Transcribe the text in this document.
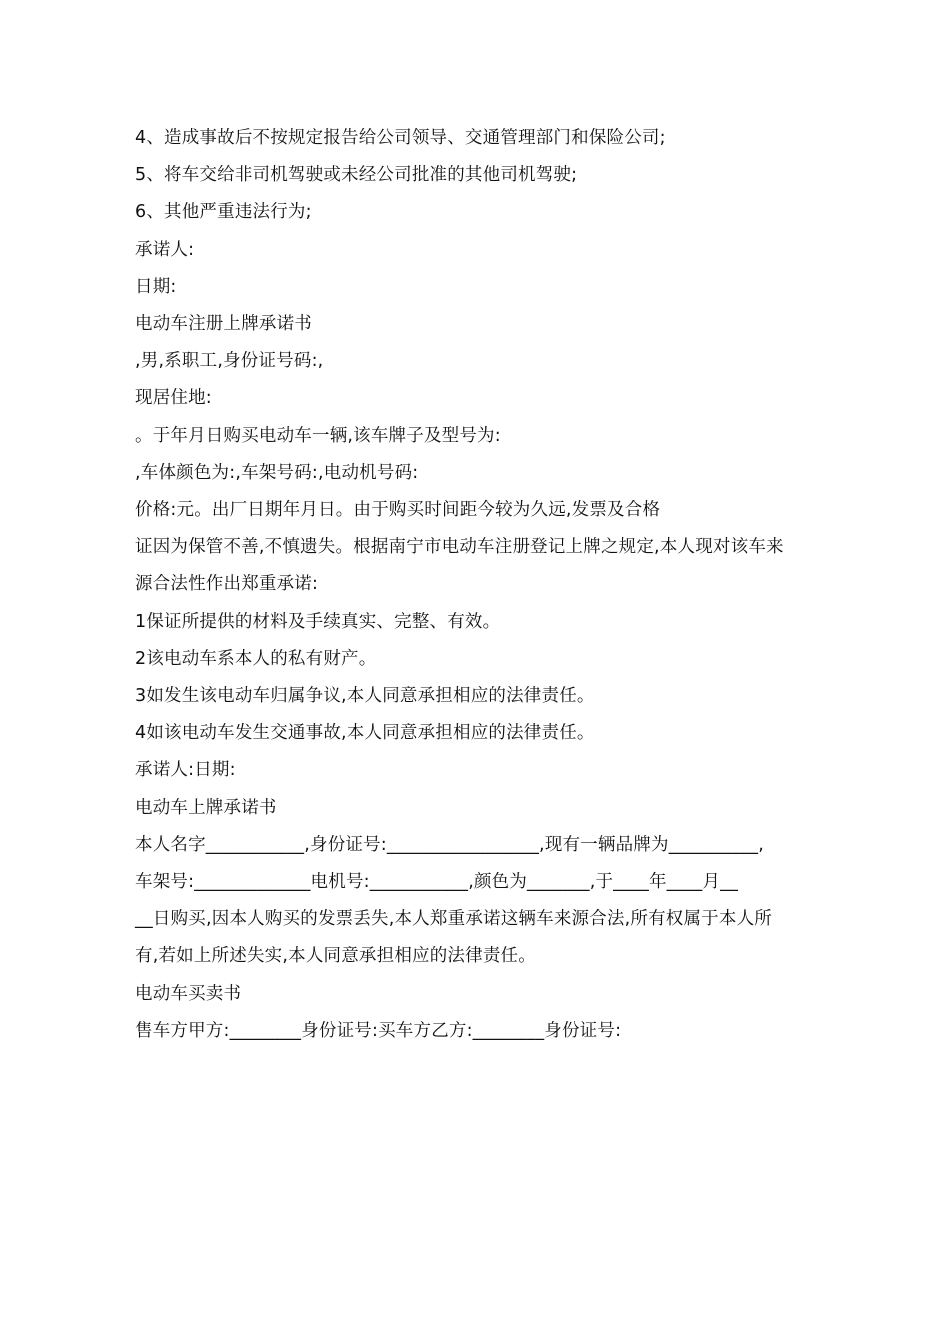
4、造成事故后不按规定报告给公司领导、交通管理部门和保险公司;

5、将车交给非司机驾驶或未经公司批准的其他司机驾驶;

6、其他严重违法行为;

承诺人:

日期:

电动车注册上牌承诺书

,男,系职工,身份证号码:,

现居住地:

。于年月日购买电动车一辆,该车牌子及型号为:

,车体颜色为:,车架号码:,电动机号码:

价格:元。出厂日期年月日。由于购买时间距今较为久远,发票及合格

证因为保管不善,不慎遗失。根据南宁市电动车注册登记上牌之规定,本人现对该车来

源合法性作出郑重承诺:

1保证所提供的材料及手续真实、完整、有效。

2该电动车系本人的私有财产。

3如发生该电动车归属争议,本人同意承担相应的法律责任。

4如该电动车发生交通事故,本人同意承担相应的法律责任。

承诺人:日期:

电动车上牌承诺书

本人名字___________,身份证号:_________________,现有一辆品牌为__________,

车架号:_____________电机号:___________,颜色为_______,于____年____月__

__日购买,因本人购买的发票丢失,本人郑重承诺这辆车来源合法,所有权属于本人所

有,若如上所述失实,本人同意承担相应的法律责任。

电动车买卖书

售车方甲方:________身份证号:买车方乙方:________身份证号:
